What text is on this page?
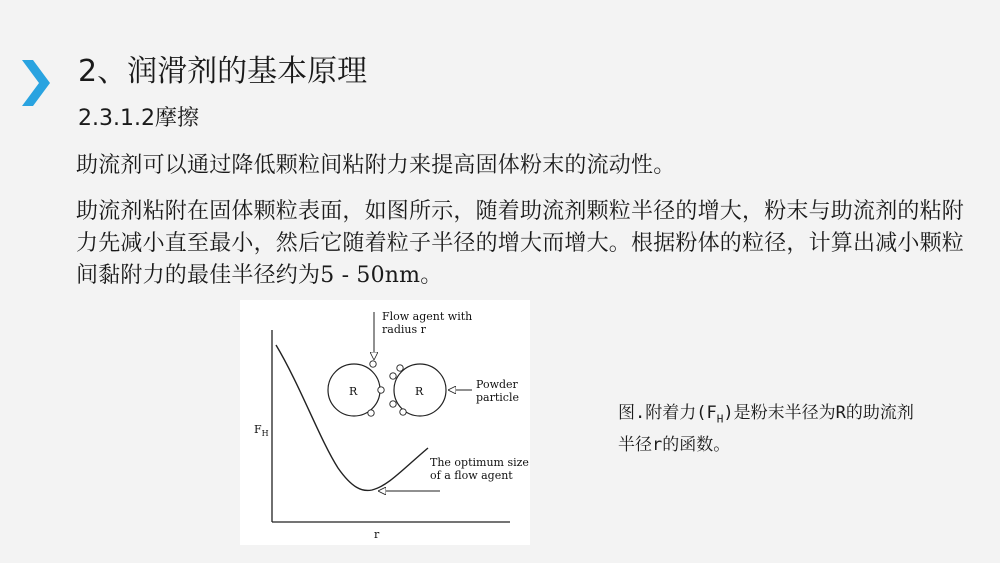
2、润滑剂的基本原理
2.3.1.2摩擦
助流剂可以通过降低颗粒间粘附力来提高固体粉末的流动性。
助流剂粘附在固体颗粒表面，如图所示，随着助流剂颗粒半径的增大，粉末与助流剂的粘附力先减小直至最小，然后它随着粒子半径的增大而增大。根据粉体的粒径，计算出减小颗粒间黏附力的最佳半径约为5 - 50nm。
$F_H$
r
R	R
Flow agent with
radius r
Powder
particle
The optimum size
of a flow agent
图.附着力$(F_H)$是粉末半径为R的助流剂半径r的函数。
